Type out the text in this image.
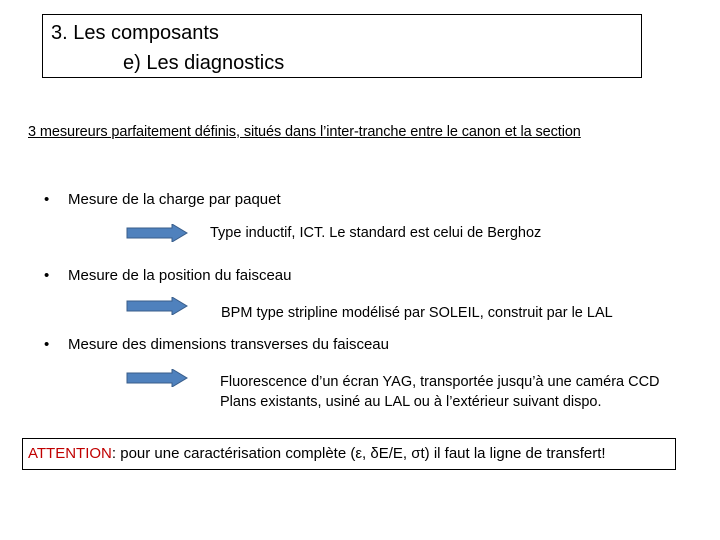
3. Les composants
e) Les diagnostics
3 mesureurs parfaitement définis, situés dans l’inter-tranche entre le canon et la section
• Mesure de la charge par paquet
Type inductif, ICT. Le standard est celui de Berghoz
• Mesure de la position du faisceau
BPM type stripline modélisé par SOLEIL, construit par le LAL
• Mesure des dimensions transverses du faisceau
Fluorescence d’un écran YAG, transportée jusqu’à une caméra CCD
Plans existants, usiné au LAL ou à l’extérieur suivant dispo.
ATTENTION: pour une caractérisation complète (ε, δE/E, σt) il faut la ligne de transfert!
